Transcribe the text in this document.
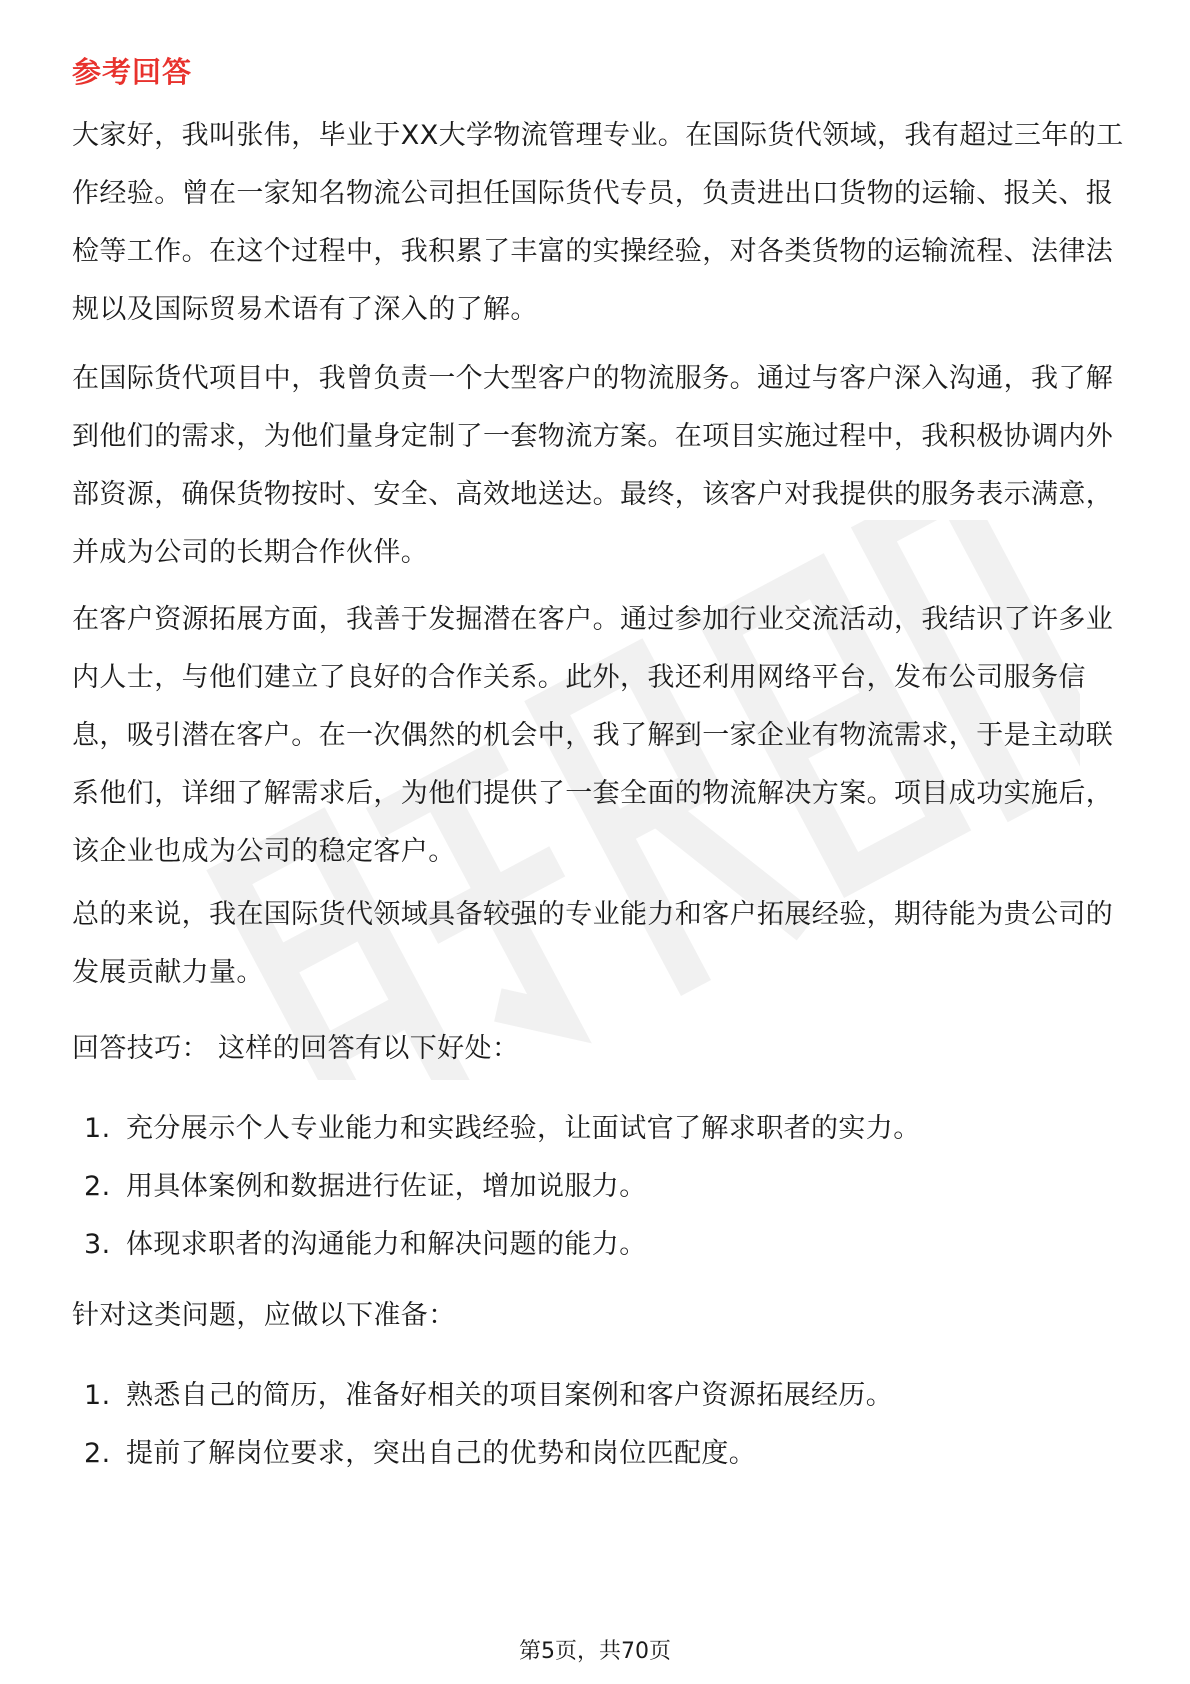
参考回答

大家好，我叫张伟，毕业于XX大学物流管理专业。在国际货代领域，我有超过三年的工作经验。曾在一家知名物流公司担任国际货代专员，负责进出口货物的运输、报关、报检等工作。在这个过程中，我积累了丰富的实操经验，对各类货物的运输流程、法律法规以及国际贸易术语有了深入的了解。

在国际货代项目中，我曾负责一个大型客户的物流服务。通过与客户深入沟通，我了解到他们的需求，为他们量身定制了一套物流方案。在项目实施过程中，我积极协调内外部资源，确保货物按时、安全、高效地送达。最终，该客户对我提供的服务表示满意，并成为公司的长期合作伙伴。

在客户资源拓展方面，我善于发掘潜在客户。通过参加行业交流活动，我结识了许多业内人士，与他们建立了良好的合作关系。此外，我还利用网络平台，发布公司服务信息，吸引潜在客户。在一次偶然的机会中，我了解到一家企业有物流需求，于是主动联系他们，详细了解需求后，为他们提供了一套全面的物流解决方案。项目成功实施后，该企业也成为公司的稳定客户。

总的来说，我在国际货代领域具备较强的专业能力和客户拓展经验，期待能为贵公司的发展贡献力量。

回答技巧： 这样的回答有以下好处：

1. 充分展示个人专业能力和实践经验，让面试官了解求职者的实力。
2. 用具体案例和数据进行佐证，增加说服力。
3. 体现求职者的沟通能力和解决问题的能力。

针对这类问题，应做以下准备：

1. 熟悉自己的简历，准备好相关的项目案例和客户资源拓展经历。
2. 提前了解岗位要求，突出自己的优势和岗位匹配度。
第5页，共70页
